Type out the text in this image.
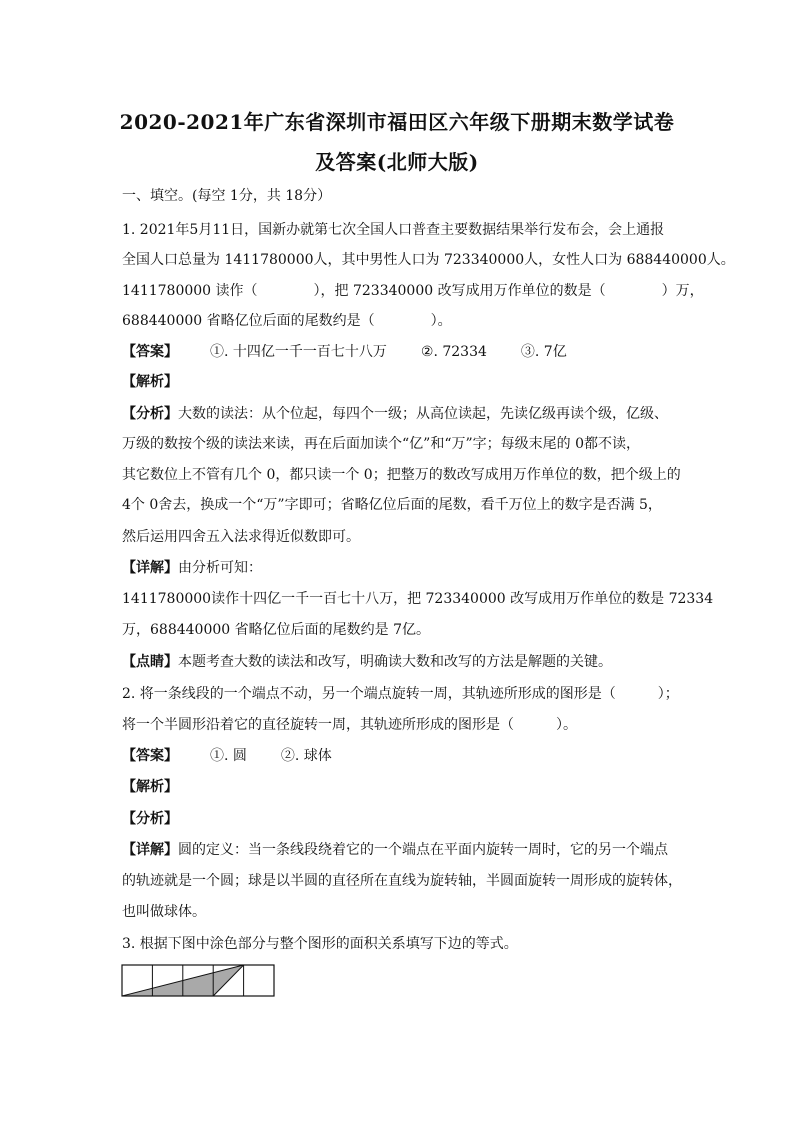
2020-2021年广东省深圳市福田区六年级下册期末数学试卷
及答案(北师大版)
一、填空。(每空 1分，共 18分）
1. 2021年5月11日，国新办就第七次全国人口普查主要数据结果举行发布会，会上通报
全国人口总量为 1411780000人，其中男性人口为 723340000人，女性人口为 688440000人。
1411780000 读作（　　　　），把 723340000 改写成用万作单位的数是（　　　　）万，
688440000 省略亿位后面的尾数约是（　　　　）。
【答案】 ①. 十四亿一千一百七十八万 ②. 72334 ③. 7亿
【解析】
【分析】大数的读法：从个位起，每四个一级；从高位读起，先读亿级再读个级，亿级、
万级的数按个级的读法来读，再在后面加读个“亿”和“万”字；每级末尾的 0都不读，
其它数位上不管有几个 0，都只读一个 0；把整万的数改写成用万作单位的数，把个级上的
4个 0舍去，换成一个“万”字即可；省略亿位后面的尾数，看千万位上的数字是否满 5，
然后运用四舍五入法求得近似数即可。
【详解】由分析可知：
1411780000读作十四亿一千一百七十八万，把 723340000 改写成用万作单位的数是 72334
万，688440000 省略亿位后面的尾数约是 7亿。
【点睛】本题考查大数的读法和改写，明确读大数和改写的方法是解题的关键。
2. 将一条线段的一个端点不动，另一个端点旋转一周，其轨迹所形成的图形是（　　　）；
将一个半圆形沿着它的直径旋转一周，其轨迹所形成的图形是（　　　）。
【答案】 ①. 圆 ②. 球体
【解析】
【分析】
【详解】圆的定义：当一条线段绕着它的一个端点在平面内旋转一周时，它的另一个端点
的轨迹就是一个圆；球是以半圆的直径所在直线为旋转轴，半圆面旋转一周形成的旋转体，
也叫做球体。
3. 根据下图中涂色部分与整个图形的面积关系填写下边的等式。
